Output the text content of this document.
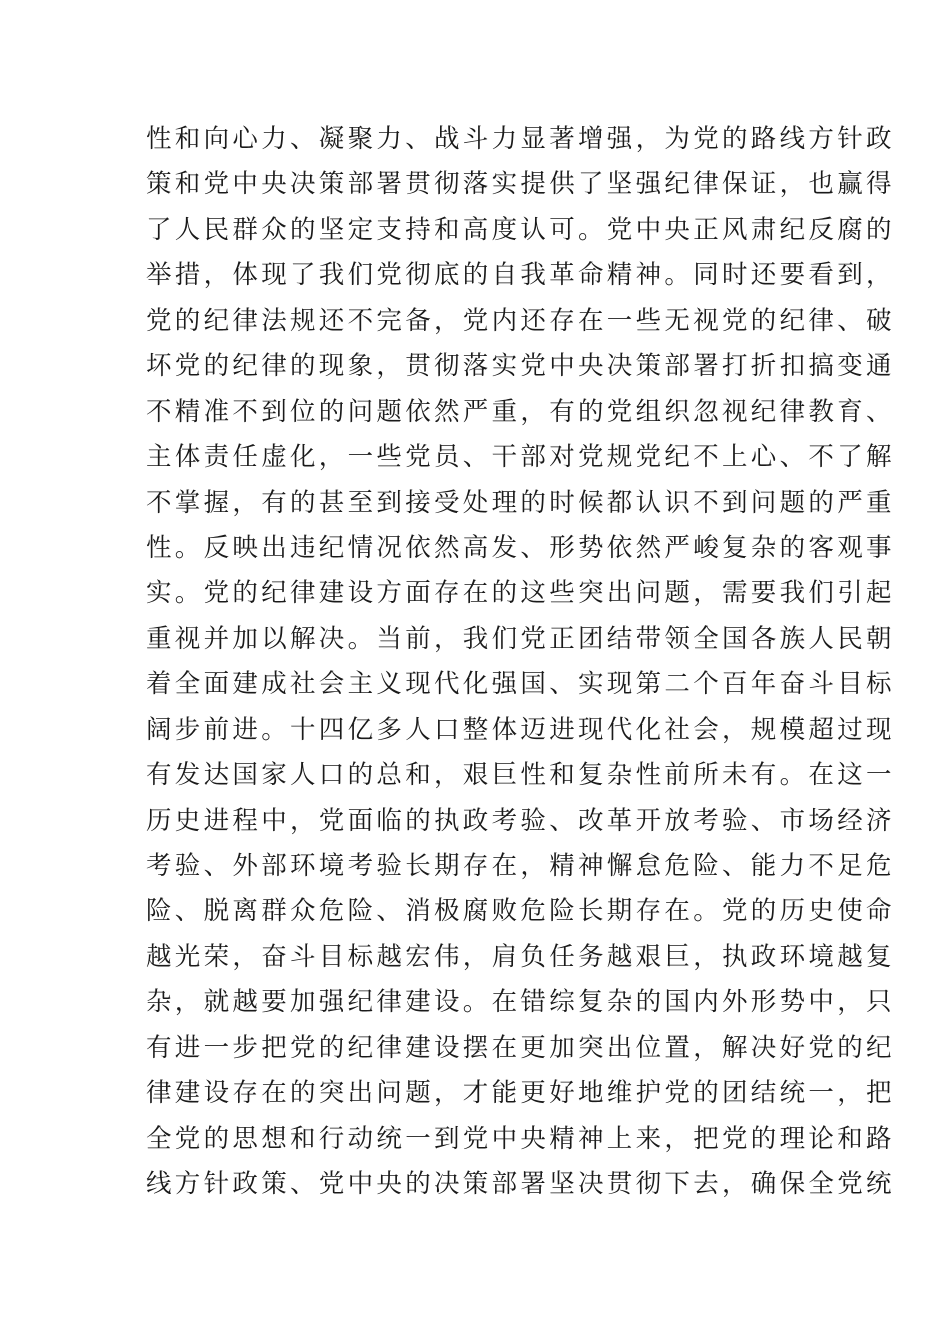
性和向心力、凝聚力、战斗力显著增强，为党的路线方针政
策和党中央决策部署贯彻落实提供了坚强纪律保证，也赢得
了人民群众的坚定支持和高度认可。党中央正风肃纪反腐的
举措，体现了我们党彻底的自我革命精神。同时还要看到，
党的纪律法规还不完备，党内还存在一些无视党的纪律、破
坏党的纪律的现象，贯彻落实党中央决策部署打折扣搞变通
不精准不到位的问题依然严重，有的党组织忽视纪律教育、
主体责任虚化，一些党员、干部对党规党纪不上心、不了解
不掌握，有的甚至到接受处理的时候都认识不到问题的严重
性。反映出违纪情况依然高发、形势依然严峻复杂的客观事
实。党的纪律建设方面存在的这些突出问题，需要我们引起
重视并加以解决。当前，我们党正团结带领全国各族人民朝
着全面建成社会主义现代化强国、实现第二个百年奋斗目标
阔步前进。十四亿多人口整体迈进现代化社会，规模超过现
有发达国家人口的总和，艰巨性和复杂性前所未有。在这一
历史进程中，党面临的执政考验、改革开放考验、市场经济
考验、外部环境考验长期存在，精神懈怠危险、能力不足危
险、脱离群众危险、消极腐败危险长期存在。党的历史使命
越光荣，奋斗目标越宏伟，肩负任务越艰巨，执政环境越复
杂，就越要加强纪律建设。在错综复杂的国内外形势中，只
有进一步把党的纪律建设摆在更加突出位置，解决好党的纪
律建设存在的突出问题，才能更好地维护党的团结统一，把
全党的思想和行动统一到党中央精神上来，把党的理论和路
线方针政策、党中央的决策部署坚决贯彻下去，确保全党统
